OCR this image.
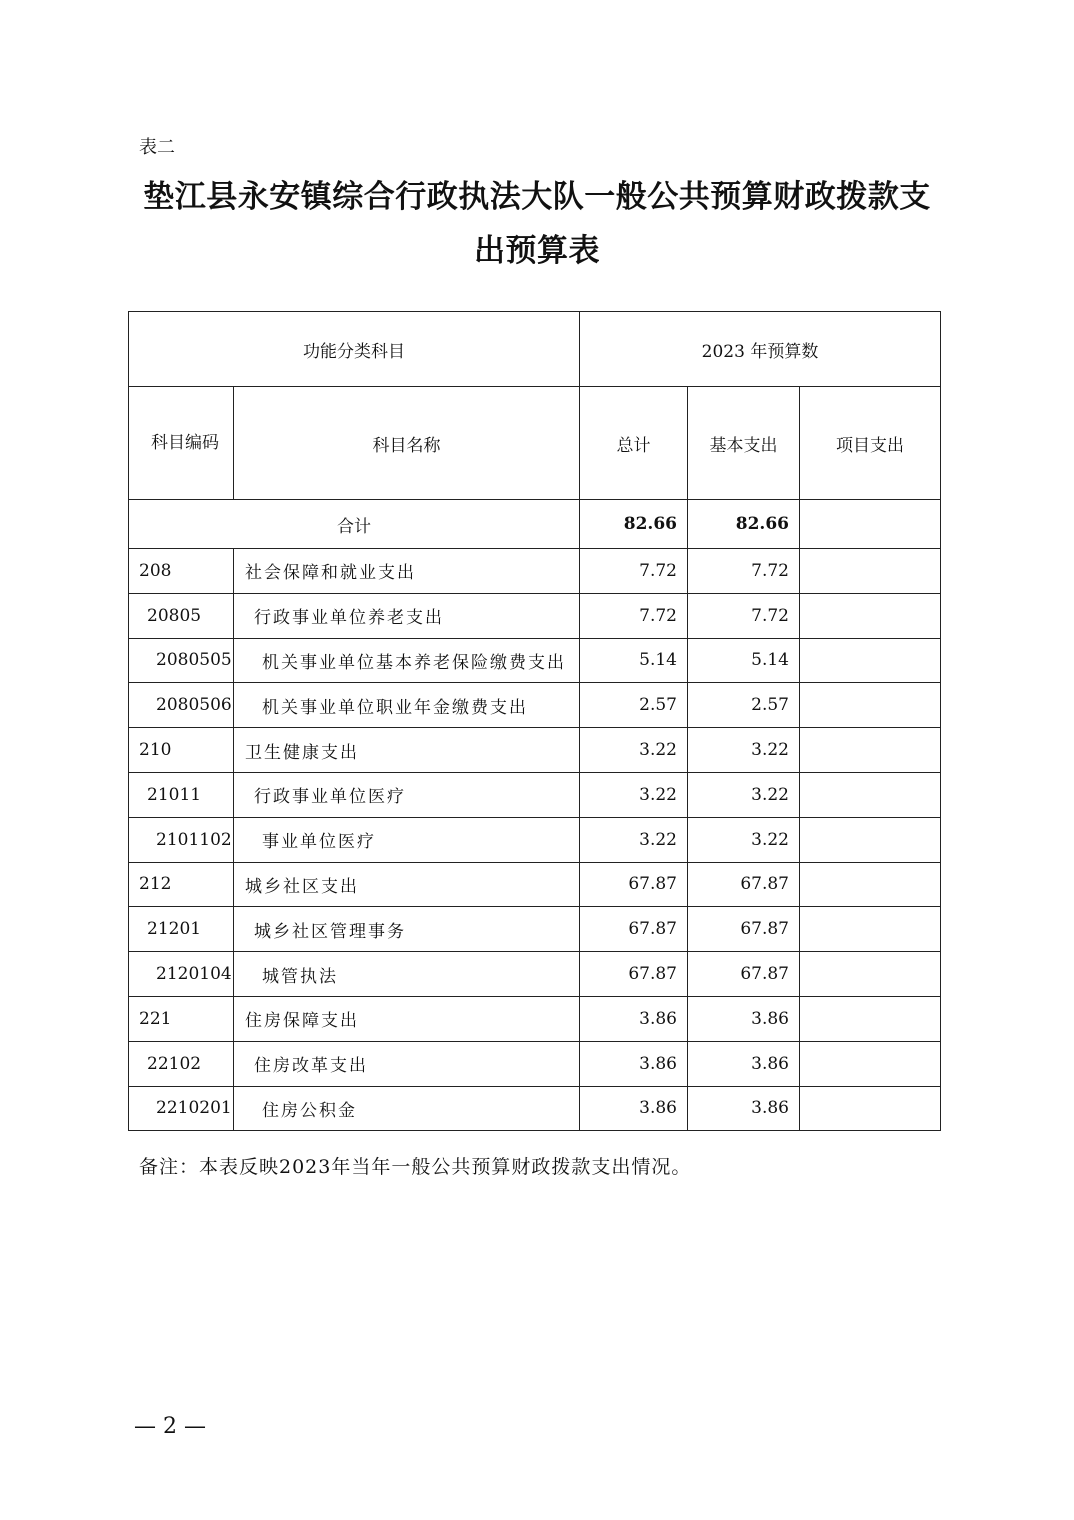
表二
垫江县永安镇综合行政执法大队一般公共预算财政拨款支
出预算表
功能分类科目		2023 年预算数		
科目编码	科目名称	总计	基本支出	项目支出
合计		82.66	82.66	
208	社会保障和就业支出	7.72	7.72	
20805	行政事业单位养老支出	7.72	7.72	
2080505	机关事业单位基本养老保险缴费支出	5.14	5.14	
2080506	机关事业单位职业年金缴费支出	2.57	2.57	
210	卫生健康支出	3.22	3.22	
21011	行政事业单位医疗	3.22	3.22	
2101102	事业单位医疗	3.22	3.22	
212	城乡社区支出	67.87	67.87	
21201	城乡社区管理事务	67.87	67.87	
2120104	城管执法	67.87	67.87	
221	住房保障支出	3.86	3.86	
22102	住房改革支出	3.86	3.86	
2210201	住房公积金	3.86	3.86	
备注：本表反映2023年当年一般公共预算财政拨款支出情况。
— 2 —
